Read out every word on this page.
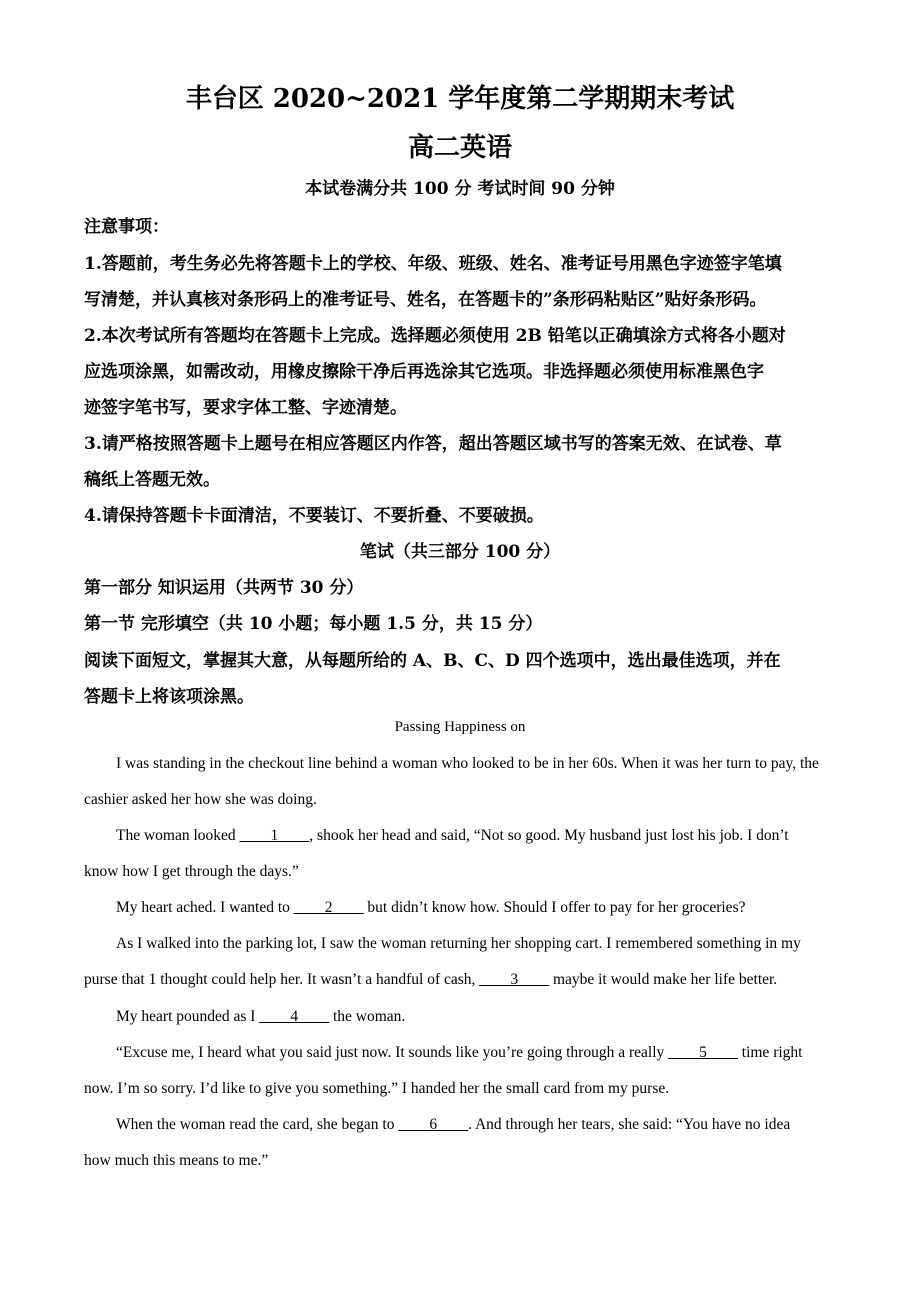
丰台区 2020~2021 学年度第二学期期末考试
高二英语
本试卷满分共 100 分 考试时间 90 分钟
注意事项：
1.答题前，考生务必先将答题卡上的学校、年级、班级、姓名、准考证号用黑色字迹签字笔填
写清楚，并认真核对条形码上的准考证号、姓名，在答题卡的”条形码粘贴区”贴好条形码。
2.本次考试所有答题均在答题卡上完成。选择题必须使用 2B 铅笔以正确填涂方式将各小题对
应选项涂黑，如需改动，用橡皮擦除干净后再选涂其它选项。非选择题必须使用标准黑色字
迹签字笔书写，要求字体工整、字迹清楚。
3.请严格按照答题卡上题号在相应答题区内作答，超出答题区域书写的答案无效、在试卷、草
稿纸上答题无效。
4.请保持答题卡卡面清洁，不要装订、不要折叠、不要破损。
笔试（共三部分 100 分）
第一部分 知识运用（共两节 30 分）
第一节 完形填空（共 10 小题；每小题 1.5 分，共 15 分）
阅读下面短文，掌握其大意，从每题所给的 A、B、C、D 四个选项中，选出最佳选项，并在
答题卡上将该项涂黑。
Passing Happiness on
I was standing in the checkout line behind a woman who looked to be in her 60s. When it was her turn to pay, the
cashier asked her how she was doing.
The woman looked ____1____, shook her head and said, “Not so good. My husband just lost his job. I don’t
know how I get through the days.”
My heart ached. I wanted to ____2____ but didn’t know how. Should I offer to pay for her groceries?
As I walked into the parking lot, I saw the woman returning her shopping cart. I remembered something in my
purse that 1 thought could help her. It wasn’t a handful of cash, ____3____ maybe it would make her life better.
My heart pounded as I ____4____ the woman.
“Excuse me, I heard what you said just now. It sounds like you’re going through a really ____5____ time right
now. I’m so sorry. I’d like to give you something.” I handed her the small card from my purse.
When the woman read the card, she began to ____6____. And through her tears, she said: “You have no idea
how much this means to me.”
